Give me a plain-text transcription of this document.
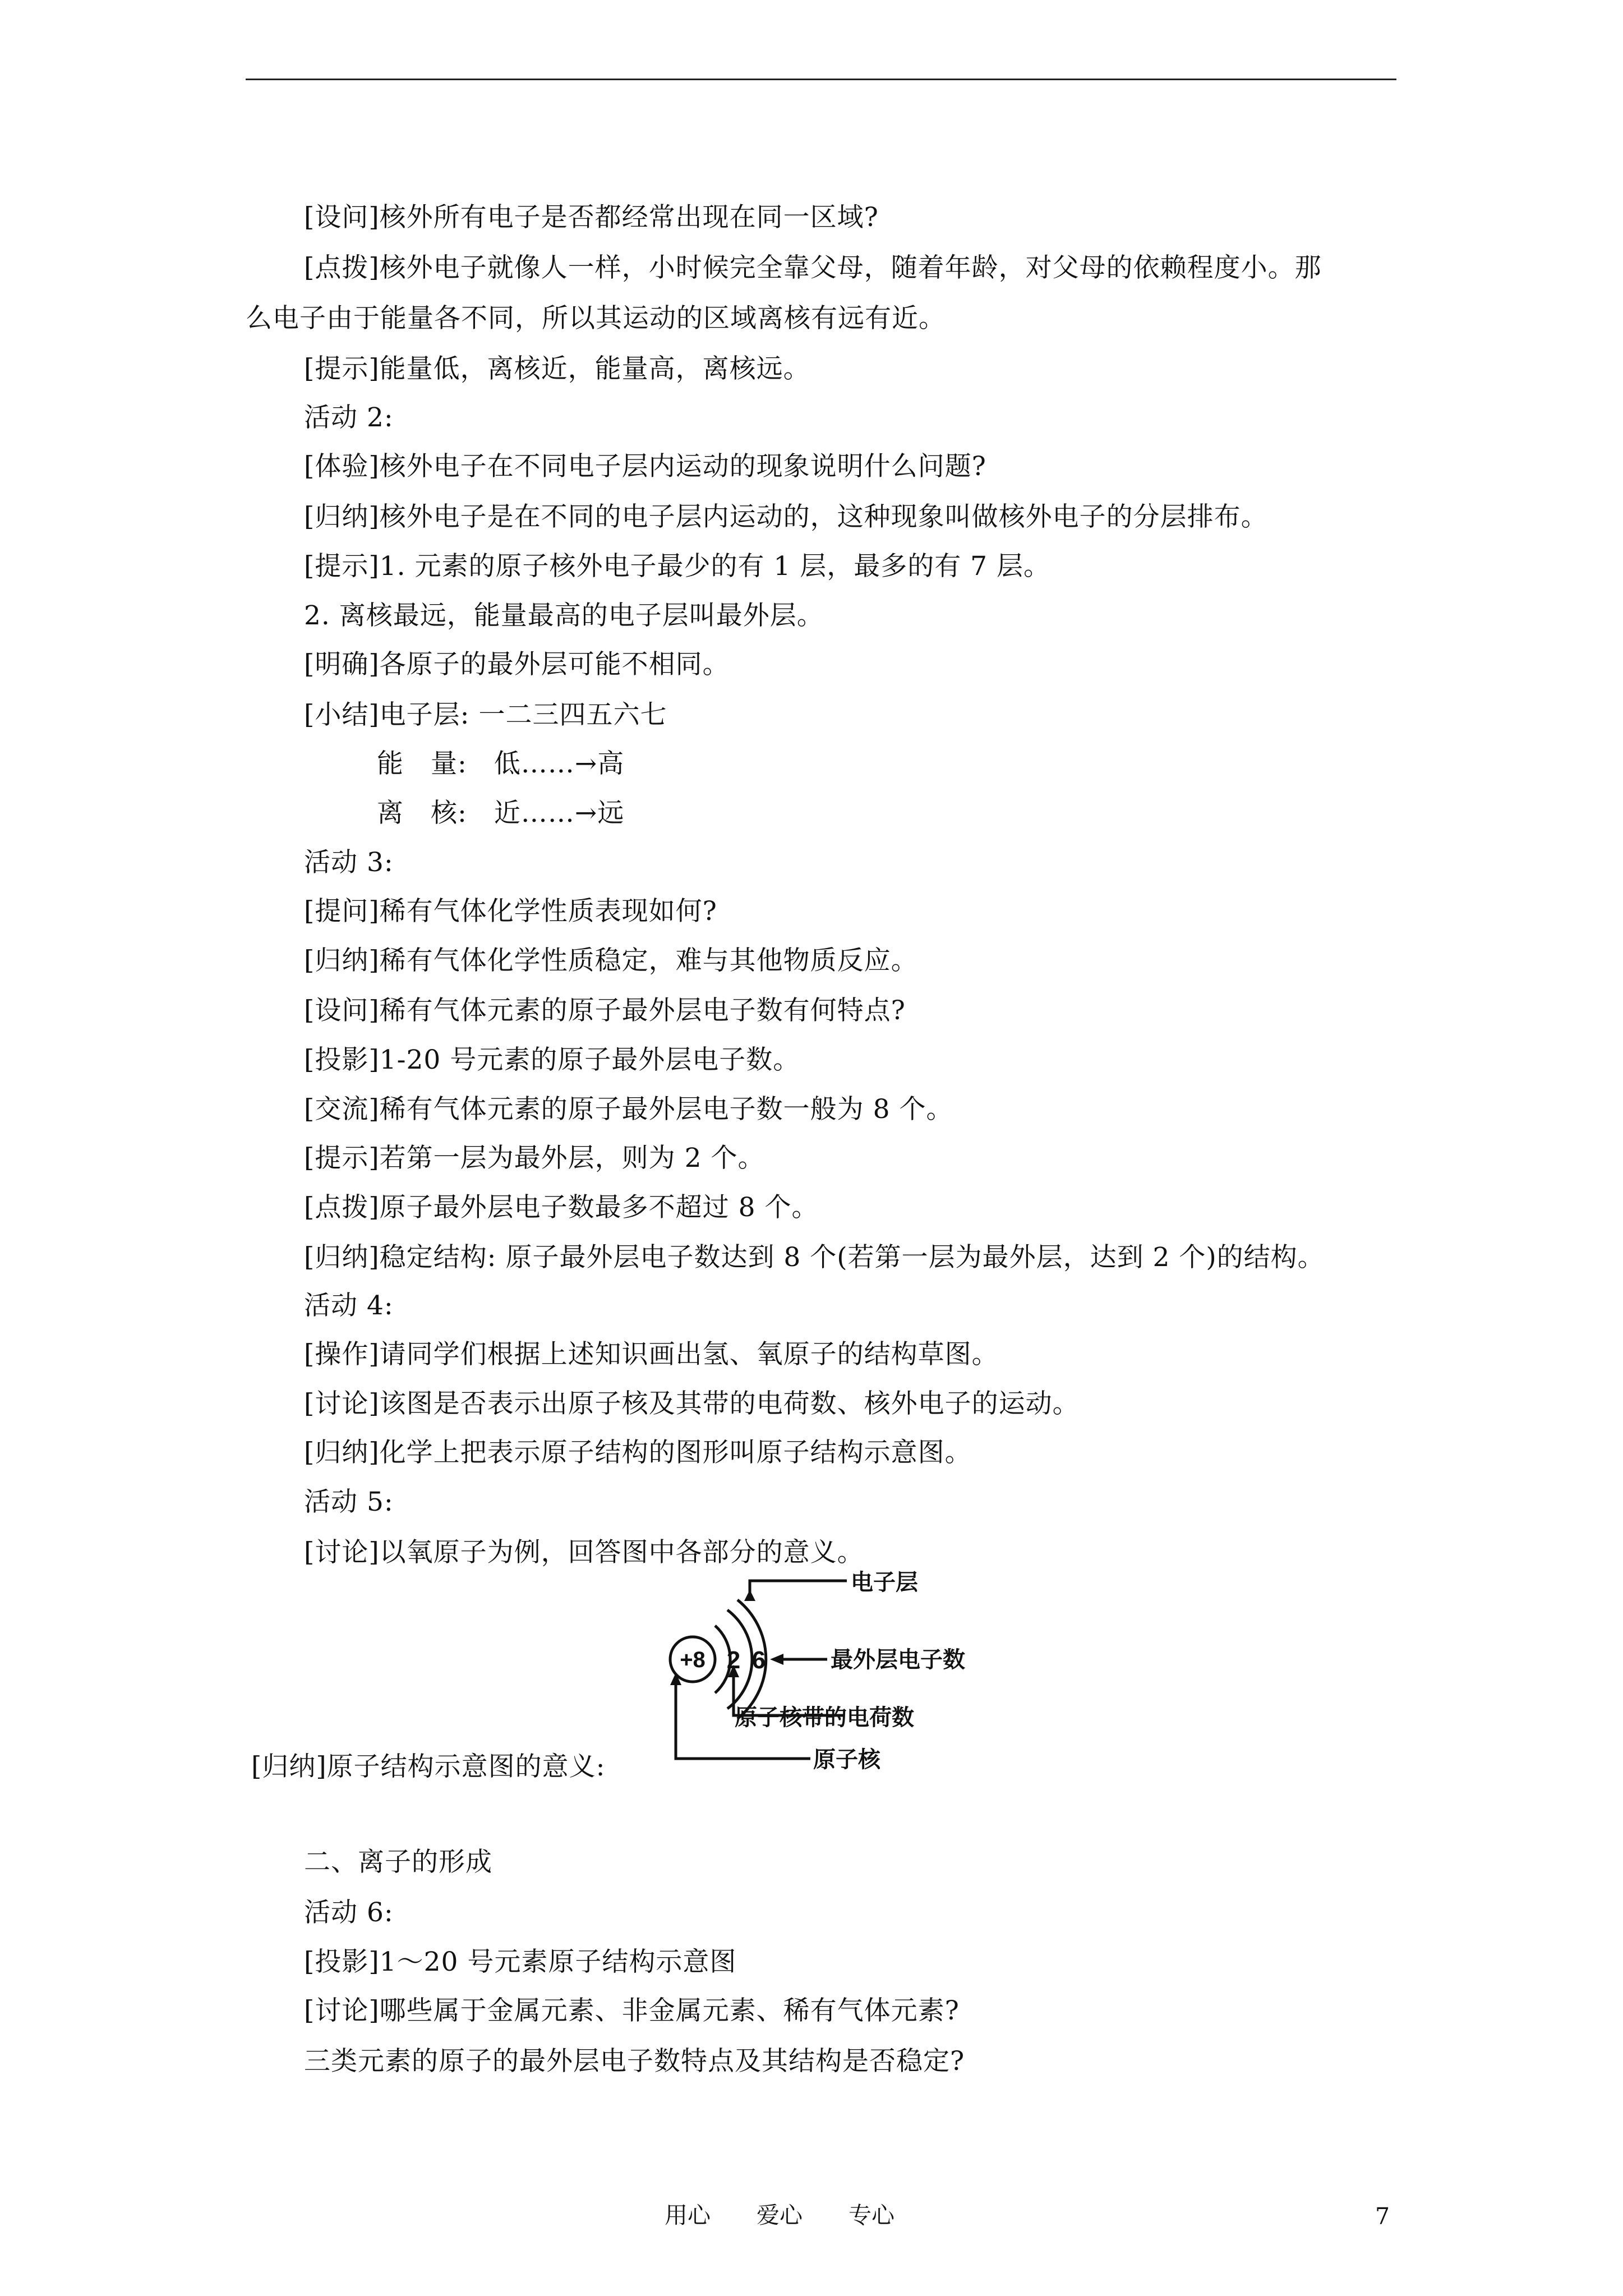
[设问]核外所有电子是否都经常出现在同一区域?
[点拨]核外电子就像人一样，小时候完全靠父母，随着年龄，对父母的依赖程度小。那
么电子由于能量各不同，所以其运动的区域离核有远有近。
[提示]能量低，离核近，能量高，离核远。
活动 2:
[体验]核外电子在不同电子层内运动的现象说明什么问题?
[归纳]核外电子是在不同的电子层内运动的，这种现象叫做核外电子的分层排布。
[提示]1. 元素的原子核外电子最少的有 1 层，最多的有 7 层。
2. 离核最远，能量最高的电子层叫最外层。
[明确]各原子的最外层可能不相同。
[小结]电子层: 一二三四五六七
能　量:　低……→高
离　核:　近……→远
活动 3:
[提问]稀有气体化学性质表现如何?
[归纳]稀有气体化学性质稳定，难与其他物质反应。
[设问]稀有气体元素的原子最外层电子数有何特点?
[投影]1-20 号元素的原子最外层电子数。
[交流]稀有气体元素的原子最外层电子数一般为 8 个。
[提示]若第一层为最外层，则为 2 个。
[点拨]原子最外层电子数最多不超过 8 个。
[归纳]稳定结构: 原子最外层电子数达到 8 个(若第一层为最外层，达到 2 个)的结构。
活动 4:
[操作]请同学们根据上述知识画出氢、氧原子的结构草图。
[讨论]该图是否表示出原子核及其带的电荷数、核外电子的运动。
[归纳]化学上把表示原子结构的图形叫原子结构示意图。
活动 5:
[讨论]以氧原子为例，回答图中各部分的意义。
[归纳]原子结构示意图的意义:
二、离子的形成
活动 6:
[投影]1～20 号元素原子结构示意图
[讨论]哪些属于金属元素、非金属元素、稀有气体元素?
三类元素的原子的最外层电子数特点及其结构是否稳定?
+8 2 6
电子层
最外层电子数
原子核带的电荷数
原子核
用心　　爱心　　专心	7
